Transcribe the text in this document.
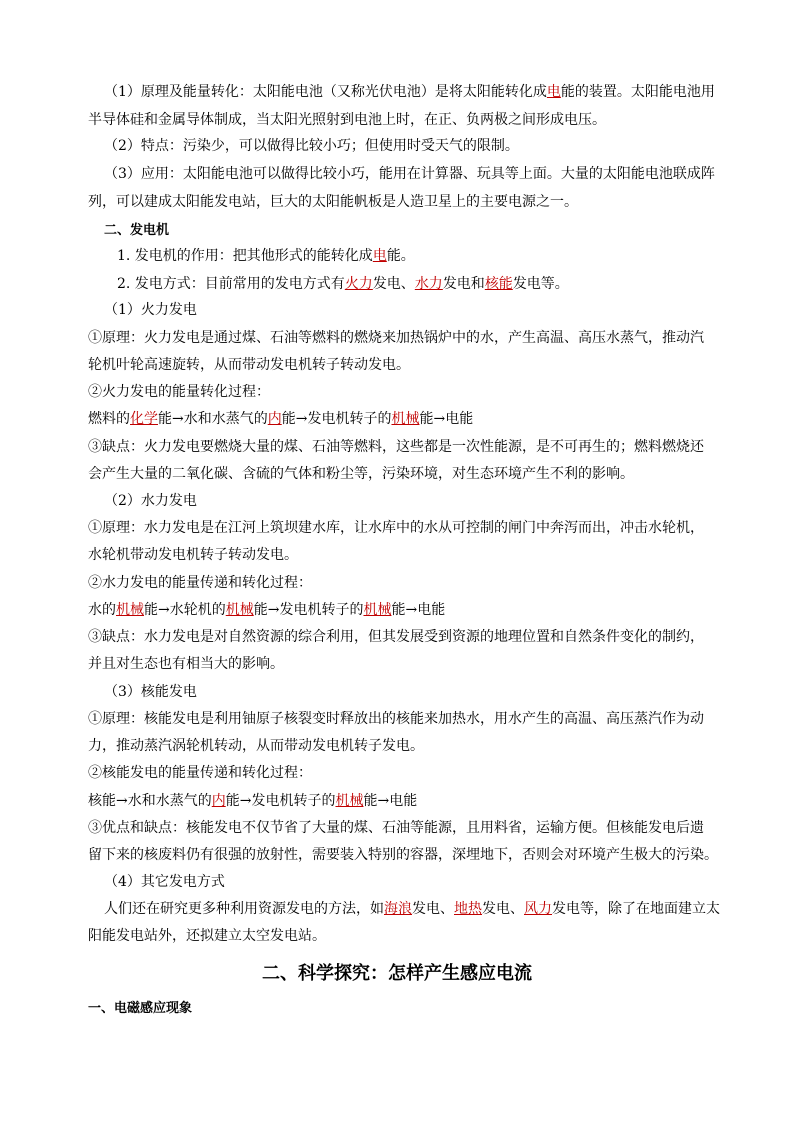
（1）原理及能量转化：太阳能电池（又称光伏电池）是将太阳能转化成电能的装置。太阳能电池用
半导体硅和金属导体制成，当太阳光照射到电池上时，在正、负两极之间形成电压。
（2）特点：污染少，可以做得比较小巧；但使用时受天气的限制。
（3）应用：太阳能电池可以做得比较小巧，能用在计算器、玩具等上面。大量的太阳能电池联成阵
列，可以建成太阳能发电站，巨大的太阳能帆板是人造卫星上的主要电源之一。
二、发电机
1. 发电机的作用：把其他形式的能转化成电能。
2. 发电方式：目前常用的发电方式有火力发电、水力发电和核能发电等。
（1）火力发电
①原理：火力发电是通过煤、石油等燃料的燃烧来加热锅炉中的水，产生高温、高压水蒸气，推动汽
轮机叶轮高速旋转，从而带动发电机转子转动发电。
②火力发电的能量转化过程：
燃料的化学能→水和水蒸气的内能→发电机转子的机械能→电能
③缺点：火力发电要燃烧大量的煤、石油等燃料，这些都是一次性能源，是不可再生的；燃料燃烧还
会产生大量的二氧化碳、含硫的气体和粉尘等，污染环境，对生态环境产生不利的影响。
（2）水力发电
①原理：水力发电是在江河上筑坝建水库，让水库中的水从可控制的闸门中奔泻而出，冲击水轮机，
水轮机带动发电机转子转动发电。
②水力发电的能量传递和转化过程：
水的机械能→水轮机的机械能→发电机转子的机械能→电能
③缺点：水力发电是对自然资源的综合利用，但其发展受到资源的地理位置和自然条件变化的制约，
并且对生态也有相当大的影响。
（3）核能发电
①原理：核能发电是利用铀原子核裂变时释放出的核能来加热水，用水产生的高温、高压蒸汽作为动
力，推动蒸汽涡轮机转动，从而带动发电机转子发电。
②核能发电的能量传递和转化过程：
核能→水和水蒸气的内能→发电机转子的机械能→电能
③优点和缺点：核能发电不仅节省了大量的煤、石油等能源，且用料省，运输方便。但核能发电后遗
留下来的核废料仍有很强的放射性，需要装入特别的容器，深埋地下，否则会对环境产生极大的污染。
（4）其它发电方式
人们还在研究更多种利用资源发电的方法，如海浪发电、地热发电、风力发电等，除了在地面建立太
阳能发电站外，还拟建立太空发电站。
二、科学探究：怎样产生感应电流
一、电磁感应现象
